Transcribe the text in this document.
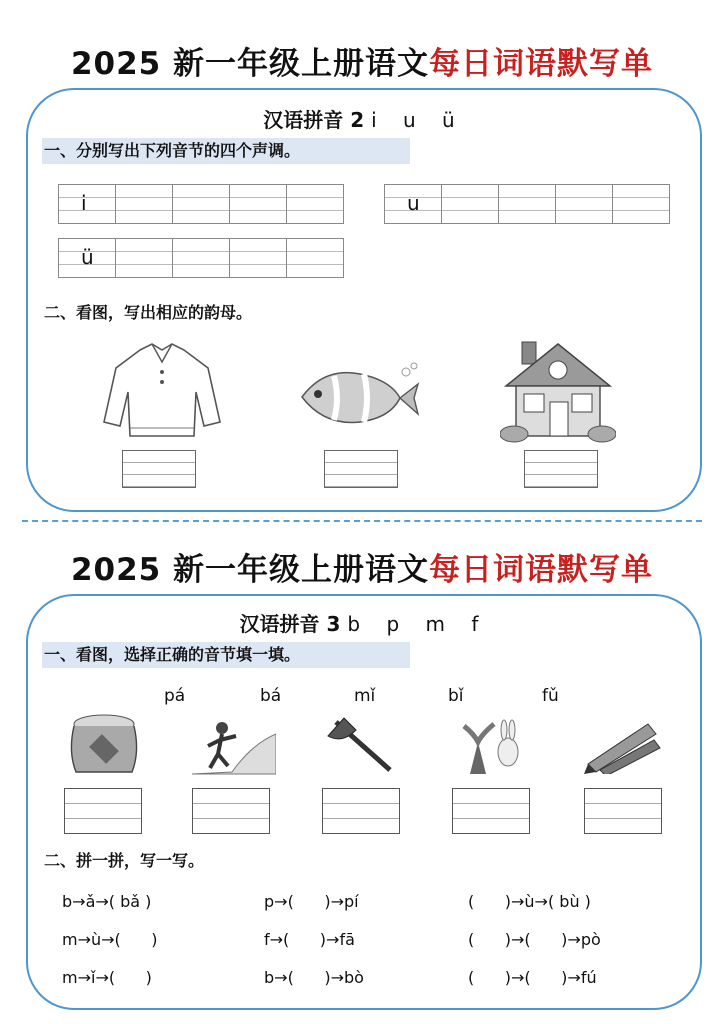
2025 新一年级上册语文每日词语默写单
汉语拼音 2 i u ü
一、分别写出下列音节的四个声调。
i	u
ü
二、看图，写出相应的韵母。
2025 新一年级上册语文每日词语默写单
汉语拼音 3 b p m f
一、看图，选择正确的音节填一填。
pá	bá	mǐ	bǐ	fǔ
二、拼一拼，写一写。
b→ǎ→( bǎ )	p→(      )→pí	(      )→ù→( bù )
m→ù→(      )	f→(      )→fā	(      )→(      )→pò
m→ǐ→(      )	b→(      )→bò	(      )→(      )→fú
